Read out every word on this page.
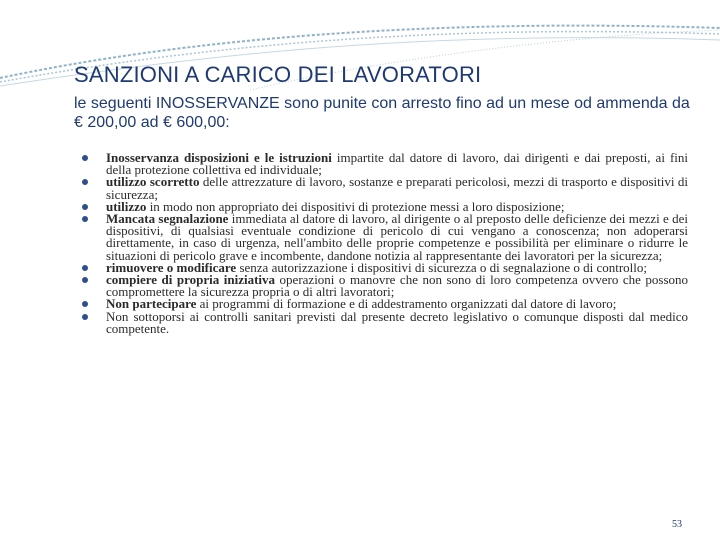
SANZIONI A CARICO DEI LAVORATORI
le seguenti INOSSERVANZE sono punite con arresto fino ad un mese od ammenda da € 200,00 ad € 600,00:
Inosservanza disposizioni e le istruzioni impartite dal datore di lavoro, dai dirigenti e dai preposti, ai fini della protezione collettiva ed individuale;
utilizzo scorretto delle attrezzature di lavoro, sostanze e preparati pericolosi, mezzi di trasporto e dispositivi di sicurezza;
utilizzo in modo non appropriato dei dispositivi di protezione messi a loro disposizione;
Mancata segnalazione immediata al datore di lavoro, al dirigente o al preposto delle deficienze dei mezzi e dei dispositivi, di qualsiasi eventuale condizione di pericolo di cui vengano a conoscenza; non adoperarsi direttamente, in caso di urgenza, nell'ambito delle proprie competenze e possibilità per eliminare o ridurre le situazioni di pericolo grave e incombente, dandone notizia al rappresentante dei lavoratori per la sicurezza;
rimuovere o modificare senza autorizzazione i dispositivi di sicurezza o di segnalazione o di controllo;
compiere di propria iniziativa operazioni o manovre che non sono di loro competenza ovvero che possono compromettere la sicurezza propria o di altri lavoratori;
Non partecipare ai programmi di formazione e di addestramento organizzati dal datore di lavoro;
Non sottoporsi ai controlli sanitari previsti dal presente decreto legislativo o comunque disposti dal medico competente.
53
